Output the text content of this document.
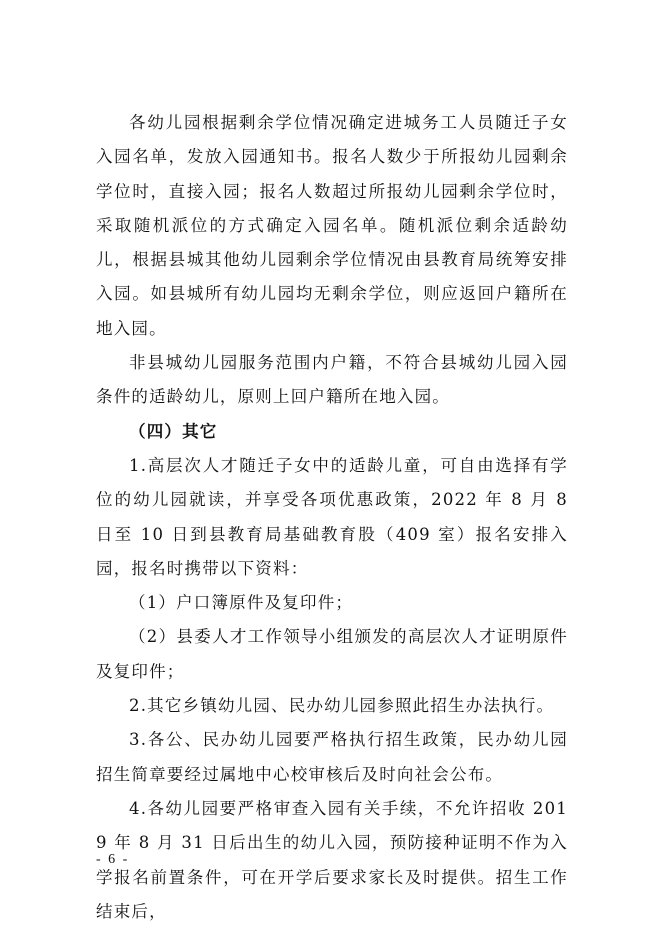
各幼儿园根据剩余学位情况确定进城务工人员随迁子女入园名单，发放入园通知书。报名人数少于所报幼儿园剩余学位时，直接入园；报名人数超过所报幼儿园剩余学位时，采取随机派位的方式确定入园名单。随机派位剩余适龄幼儿，根据县城其他幼儿园剩余学位情况由县教育局统筹安排入园。如县城所有幼儿园均无剩余学位，则应返回户籍所在地入园。

非县城幼儿园服务范围内户籍，不符合县城幼儿园入园条件的适龄幼儿，原则上回户籍所在地入园。

（四）其它

1.高层次人才随迁子女中的适龄儿童，可自由选择有学位的幼儿园就读，并享受各项优惠政策，2022 年 8 月 8 日至 10 日到县教育局基础教育股（409 室）报名安排入园，报名时携带以下资料：

（1）户口簿原件及复印件；

（2）县委人才工作领导小组颁发的高层次人才证明原件及复印件；

2.其它乡镇幼儿园、民办幼儿园参照此招生办法执行。

3.各公、民办幼儿园要严格执行招生政策，民办幼儿园招生简章要经过属地中心校审核后及时向社会公布。

4.各幼儿园要严格审查入园有关手续，不允许招收 2019 年 8 月 31 日后出生的幼儿入园，预防接种证明不作为入学报名前置条件，可在开学后要求家长及时提供。招生工作结束后，

- 6 -
